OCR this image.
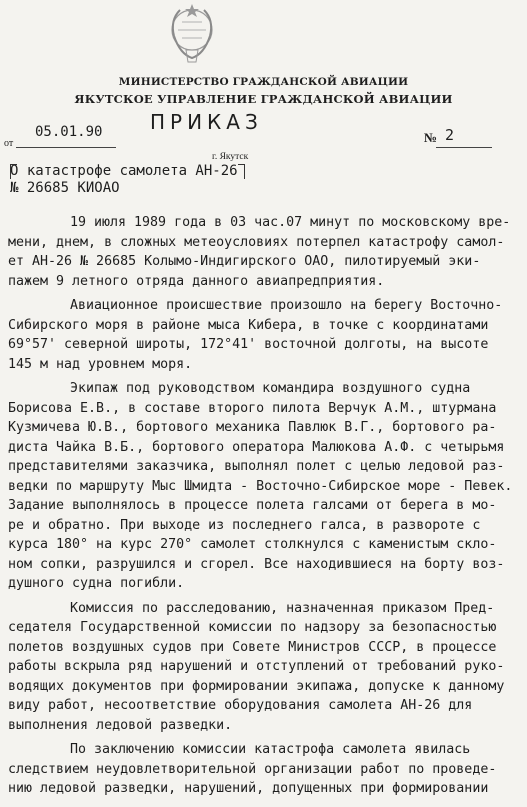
МИНИСТЕРСТВО ГРАЖДАНСКОЙ АВИАЦИИ
ЯКУТСКОЕ УПРАВЛЕНИЕ ГРАЖДАНСКОЙ АВИАЦИИ
ПРИКАЗ
от
05.01.90	№ 2
г. Якутск
О катастрофе самолета АН-26
№ 26685 КИОАО
19 июля 1989 года в 03 час.07 минут по московскому вре-
мени, днем, в сложных метеоусловиях потерпел катастрофу самол-
ет АН-26 № 26685 Колымо-Индигирского ОАО, пилотируемый эки-
пажем 9 летного отряда данного авиапредприятия.
Авиационное происшествие произошло на берегу Восточно-
Сибирского моря в районе мыса Кибера, в точке с координатами
69°57' северной широты, 172°41' восточной долготы, на высоте
145 м над уровнем моря.
Экипаж под руководством командира воздушного судна
Борисова Е.В., в составе второго пилота Верчук А.М., штурмана
Кузмичева Ю.В., бортового механика Павлюк В.Г., бортового ра-
диста Чайка В.Б., бортового оператора Малюкова А.Ф. с четырьмя
представителями заказчика, выполнял полет с целью ледовой раз-
ведки по маршруту Мыс Шмидта - Восточно-Сибирское море - Певек.
Задание выполнялось в процессе полета галсами от берега в мо-
ре и обратно. При выходе из последнего галса, в развороте с
курса 180° на курс 270° самолет столкнулся с каменистым склo-
ном сопки, разрушился и сгорел. Все находившиеся на борту воз-
душного судна погибли.
Комиссия по расследованию, назначенная приказом Пред-
седателя Государственной комиссии по надзору за безопасностью
полетов воздушных судов при Совете Министров СССР, в процессе
работы вскрыла ряд нарушений и отступлений от требований руко-
водящих документов при формировании экипажа, допуске к данному
виду работ, несоответствие оборудования самолета АН-26 для
выполнения ледовой разведки.
По заключению комиссии катастрофа самолета явилась
следствием неудовлетворительной организации работ по проведе-
нию ледовой разведки, нарушений, допущенных при формировании
